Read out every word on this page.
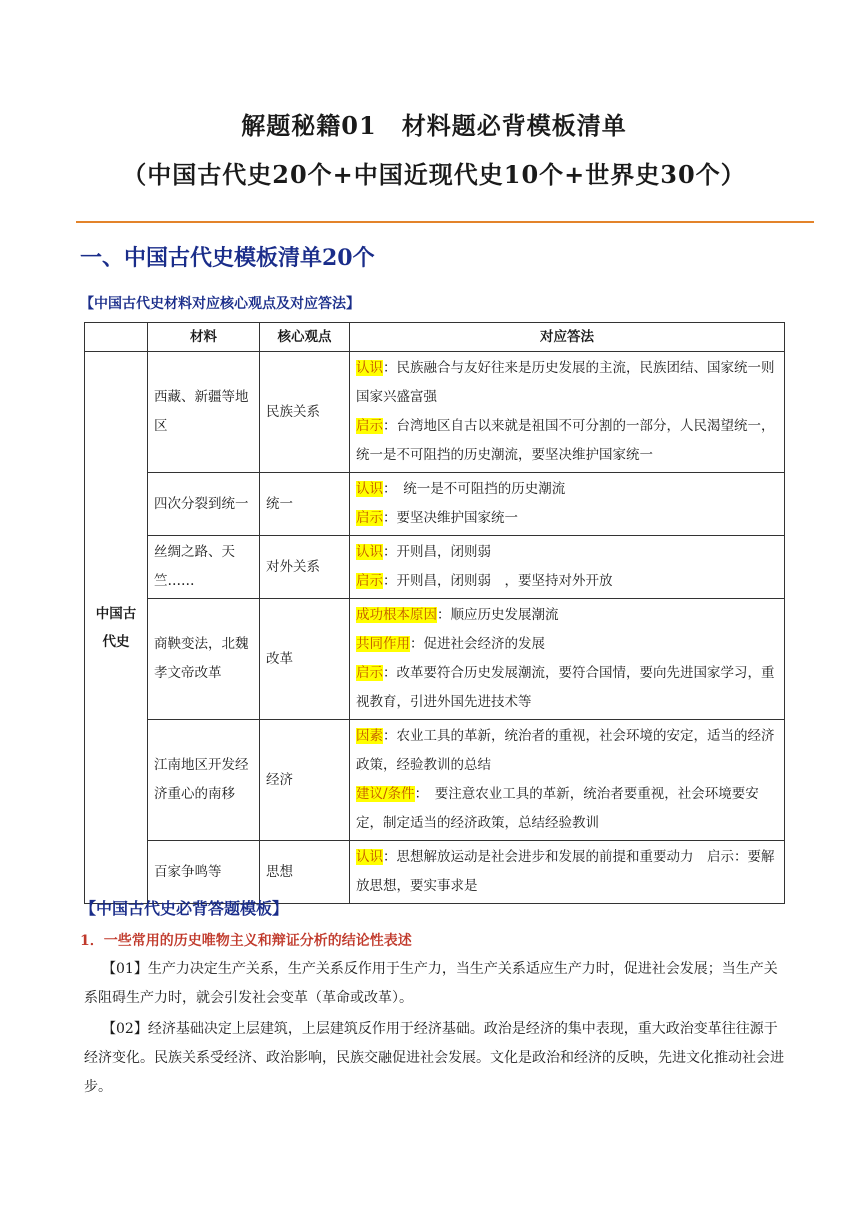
解题秘籍01　材料题必背模板清单
（中国古代史20个+中国近现代史10个+世界史30个）
一、中国古代史模板清单20个
【中国古代史材料对应核心观点及对应答法】
	材料	核心观点	对应答法
中国古代史	西藏、新疆等地区	民族关系	认识：民族融合与友好往来是历史发展的主流，民族团结、国家统一则国家兴盛富强
启示：台湾地区自古以来就是祖国不可分割的一部分，人民渴望统一，统一是不可阻挡的历史潮流，要坚决维护国家统一

	四次分裂到统一	统一	认识：　统一是不可阻挡的历史潮流
启示：要坚决维护国家统一

	丝绸之路、天竺……	对外关系	认识：开则昌，闭则弱
启示：开则昌，闭则弱　，要坚持对外开放

	商鞅变法，北魏孝文帝改革	改革	成功根本原因：顺应历史发展潮流
共同作用：促进社会经济的发展
启示：改革要符合历史发展潮流，要符合国情，要向先进国家学习，重视教育，引进外国先进技术等

	江南地区开发经济重心的南移	经济	因素：农业工具的革新，统治者的重视，社会环境的安定，适当的经济政策，经验教训的总结
建议/条件：　要注意农业工具的革新，统治者要重视，社会环境要安定，制定适当的经济政策，总结经验教训

	百家争鸣等	思想	认识：思想解放运动是社会进步和发展的前提和重要动力　启示：要解放思想，要实事求是
【中国古代史必背答题模板】
1．一些常用的历史唯物主义和辩证分析的结论性表述
【01】生产力决定生产关系，生产关系反作用于生产力，当生产关系适应生产力时，促进社会发展；当生产关系阻碍生产力时，就会引发社会变革（革命或改革）。
【02】经济基础决定上层建筑，上层建筑反作用于经济基础。政治是经济的集中表现，重大政治变革往往源于经济变化。民族关系受经济、政治影响，民族交融促进社会发展。文化是政治和经济的反映，先进文化推动社会进步。
